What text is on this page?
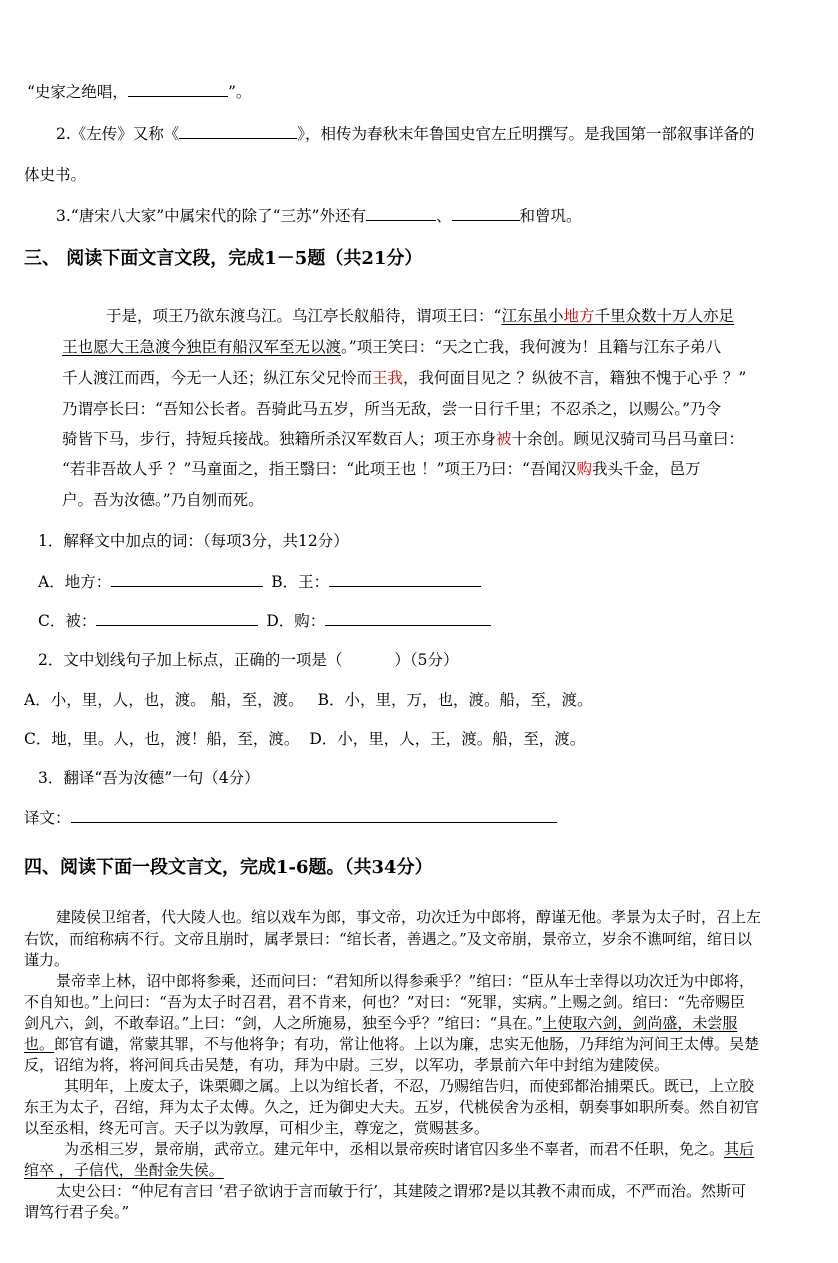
“史家之绝唱，	”。
2.《左传》又称《	》，相传为春秋末年鲁国史官左丘明撰写。是我国第一部叙事详备的
体史书。
3.“唐宋八大家”中属宋代的除了“三苏”外还有	、	和曾巩。
三、 阅读下面文言文段，完成1－5题（共21分）
于是，项王乃欲东渡乌江。乌江亭长舣船待，谓项王曰：“江东虽小地方千里众数十万人亦足
王也愿大王急渡今独臣有船汉军至无以渡。”项王笑曰：“天之亡我，我何渡为！且籍与江东子弟八
千人渡江而西，今无一人还；纵江东父兄怜而王我，我何面目见之 ？纵彼不言，籍独不愧于心乎 ？”
乃谓亭长曰：“吾知公长者。吾骑此马五岁，所当无敌，尝一日行千里；不忍杀之，以赐公。”乃令
骑皆下马，步行，持短兵接战。独籍所杀汉军数百人；项王亦身被十余创。顾见汉骑司马吕马童曰：
“若非吾故人乎 ？”马童面之，指王翳曰：“此项王也 ！”项王乃曰：“吾闻汉购我头千金，邑万
户。吾为汝德。”乃自刎而死。
1．解释文中加点的词：（每项3分，共12分）
A．地方：	B．王：
C．被：	D．购：
2．文中划线句子加上标点，正确的一项是（	）（5分）
A．小，里，人，也，渡。 船，至，渡。 B．小，里，万，也，渡。船，至，渡。
C．地，里。人，也，渡！船，至，渡。 D．小，里，人，王，渡。船，至，渡。
3．翻译“吾为汝德”一句（4分）
译文：
四、阅读下面一段文言文，完成1-6题。（共34分）
建陵侯卫绾者，代大陵人也。绾以戏车为郎，事文帝，功次迁为中郎将，醇谨无他。孝景为太子时，召上左
右饮，而绾称病不行。文帝且崩时，属孝景曰：“绾长者，善遇之。”及文帝崩，景帝立，岁余不谯呵绾，绾日以
谨力。
景帝幸上林，诏中郎将参乘，还而问曰：“君知所以得参乘乎？”绾曰：“臣从车士幸得以功次迁为中郎将，
不自知也。”上问曰：“吾为太子时召君，君不肯来，何也？”对曰：“死罪，实病。”上赐之剑。绾曰：“先帝赐臣
剑凡六，剑，不敢奉诏。”上曰：“剑，人之所施易，独至今乎？”绾曰：“具在。”上使取六剑，剑尚盛，未尝服
也。郎官有谴，常蒙其罪，不与他将争；有功，常让他将。上以为廉，忠实无他肠，乃拜绾为河间王太傅。吴楚
反，诏绾为将，将河间兵击吴楚，有功，拜为中尉。三岁，以军功，孝景前六年中封绾为建陵侯。
其明年，上废太子，诛栗卿之属。上以为绾长者，不忍，乃赐绾告归，而使郅都治捕栗氏。既已，上立胶
东王为太子，召绾，拜为太子太傅。久之，迁为御史大夫。五岁，代桃侯舍为丞相，朝奏事如职所奏。然自初官
以至丞相，终无可言。天子以为敦厚，可相少主，尊宠之，赏赐甚多。
为丞相三岁，景帝崩，武帝立。建元年中，丞相以景帝疾时诸官囚多坐不辜者，而君不任职，免之。其后
绾卒 ，子信代，坐酎金失侯。
太史公曰：“仲尼有言曰 ‘君子欲讷于言而敏于行’，其建陵之谓邪?是以其教不肃而成，不严而治。然斯可
谓笃行君子矣。”
